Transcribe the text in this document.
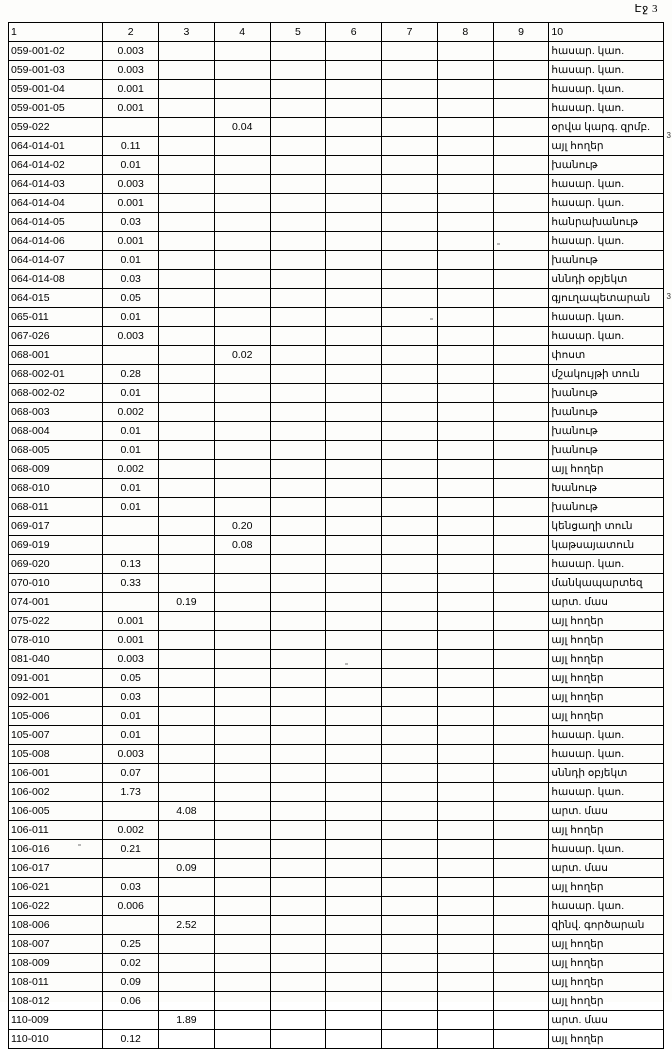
Էջ 3
1	2	3	4	5	6	7	8	9	10
059-001-02	0.003								հասար. կաո.
059-001-03	0.003								հասար. կաո.
059-001-04	0.001								հասար. կաո.
059-001-05	0.001								հասար. կաո.
059-022			0.04						օրվա կարգ. զրմբ.
064-014-01	0.11								այլ հողեր
064-014-02	0.01								խանութ
064-014-03	0.003								հասար. կաո.
064-014-04	0.001								հասար. կաո.
064-014-05	0.03								հանրախանութ
064-014-06	0.001								հասար. կաո.
064-014-07	0.01								խանութ
064-014-08	0.03								սննդի օբյեկտ
064-015	0.05								գյուղապետարան
065-011	0.01								հասար. կաո.
067-026	0.003								հասար. կաո.
068-001			0.02						փոստ
068-002-01	0.28								մշակույթի տուն
068-002-02	0.01								խանութ
068-003	0.002								խանութ
068-004	0.01								խանութ
068-005	0.01								խանութ
068-009	0.002								այլ հողեր
068-010	0.01								Խանութ
068-011	0.01								խանութ
069-017			0.20						կենցաղի տուն
069-019			0.08						կաթսայատուն
069-020	0.13								հասար. կաո.
070-010	0.33								մանկապարտեզ
074-001		0.19							արտ. մաս
075-022	0.001								այլ հողեր
078-010	0.001								այլ հողեր
081-040	0.003								այլ հողեր
091-001	0.05								այլ հողեր
092-001	0.03								այլ հողեր
105-006	0.01								այլ հողեր
105-007	0.01								հասար. կաո.
105-008	0.003								հասար. կաո.
106-001	0.07								սննդի օբյեկտ
106-002	1.73								հասար. կաո.
106-005		4.08							արտ. մաս
106-011	0.002								այլ հողեր
106-016	0.21								հասար. կաո.
106-017		0.09							արտ. մաս
106-021	0.03								այլ հողեր
106-022	0.006								հասար. կաո.
108-006		2.52							զինվ. գործարան
108-007	0.25								այլ հողեր
108-009	0.02								այլ հողեր
108-011	0.09								այլ հողեր
108-012	0.06								այլ հողեր
110-009		1.89							արտ. մաս
110-010	0.12								այլ հողեր
3
3
